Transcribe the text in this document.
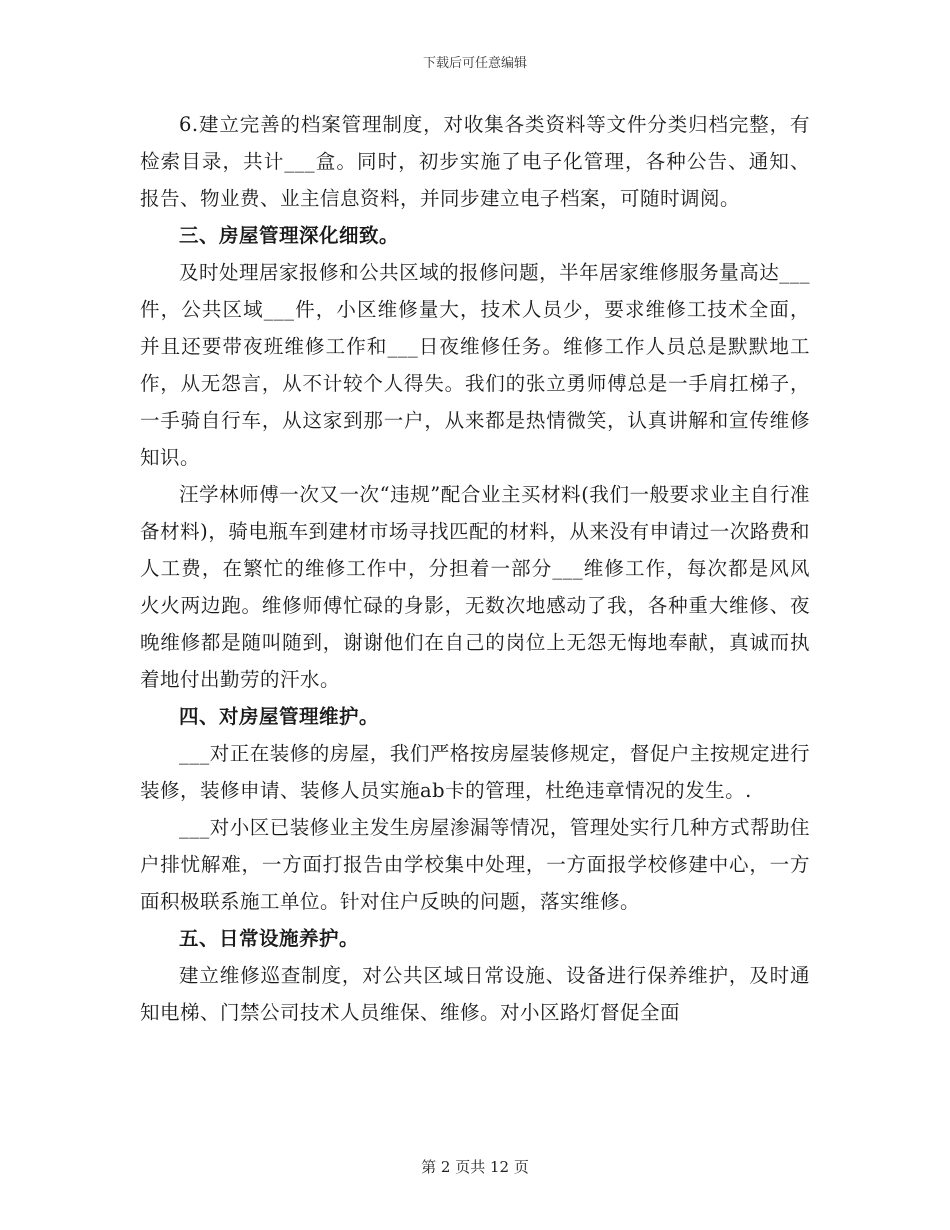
下载后可任意编辑

6.建立完善的档案管理制度，对收集各类资料等文件分类归档完整，有检索目录，共计___盒。同时，初步实施了电子化管理，各种公告、通知、报告、物业费、业主信息资料，并同步建立电子档案，可随时调阅。

三、房屋管理深化细致。

及时处理居家报修和公共区域的报修问题，半年居家维修服务量高达___件，公共区域___件，小区维修量大，技术人员少，要求维修工技术全面，并且还要带夜班维修工作和___日夜维修任务。维修工作人员总是默默地工作，从无怨言，从不计较个人得失。我们的张立勇师傅总是一手肩扛梯子，一手骑自行车，从这家到那一户，从来都是热情微笑，认真讲解和宣传维修知识。

汪学林师傅一次又一次“违规”配合业主买材料(我们一般要求业主自行准备材料)，骑电瓶车到建材市场寻找匹配的材料，从来没有申请过一次路费和人工费，在繁忙的维修工作中，分担着一部分___维修工作，每次都是风风火火两边跑。维修师傅忙碌的身影，无数次地感动了我，各种重大维修、夜晚维修都是随叫随到，谢谢他们在自己的岗位上无怨无悔地奉献，真诚而执着地付出勤劳的汗水。

四、对房屋管理维护。

___对正在装修的房屋，我们严格按房屋装修规定，督促户主按规定进行装修，装修申请、装修人员实施ab卡的管理，杜绝违章情况的发生。.

___对小区已装修业主发生房屋渗漏等情况，管理处实行几种方式帮助住户排忧解难，一方面打报告由学校集中处理，一方面报学校修建中心，一方面积极联系施工单位。针对住户反映的问题，落实维修。

五、日常设施养护。

建立维修巡查制度，对公共区域日常设施、设备进行保养维护，及时通知电梯、门禁公司技术人员维保、维修。对小区路灯督促全面

第 2 页共 12 页
